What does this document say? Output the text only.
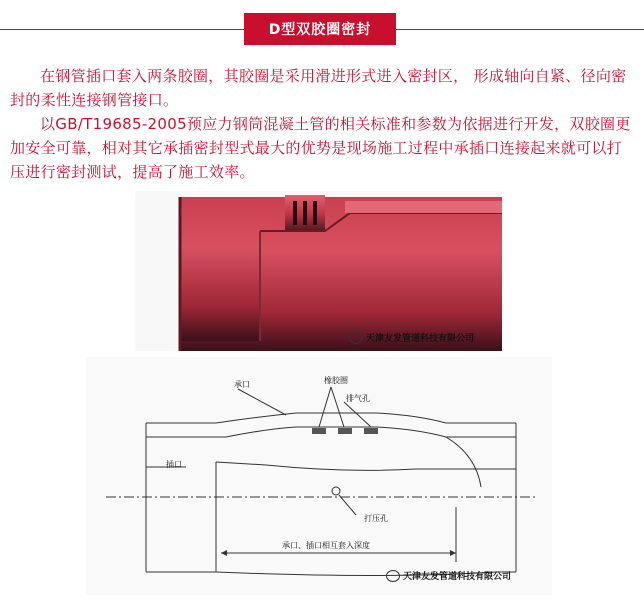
D型双胶圈密封
在钢管插口套入两条胶圈，其胶圈是采用滑进形式进入密封区， 形成轴向自紧、径向密封的柔性连接钢管接口。
以GB/T19685-2005预应力钢筒混凝土管的相关标准和参数为依据进行开发，双胶圈更加安全可靠，相对其它承插密封型式最大的优势是现场施工过程中承插口连接起来就可以打压进行密封测试，提高了施工效率。
天津友发管道科技有限公司
承口	橡胶圈
排气孔
插口
打压孔
承口、插口相互套入深度
天津友发管道科技有限公司
